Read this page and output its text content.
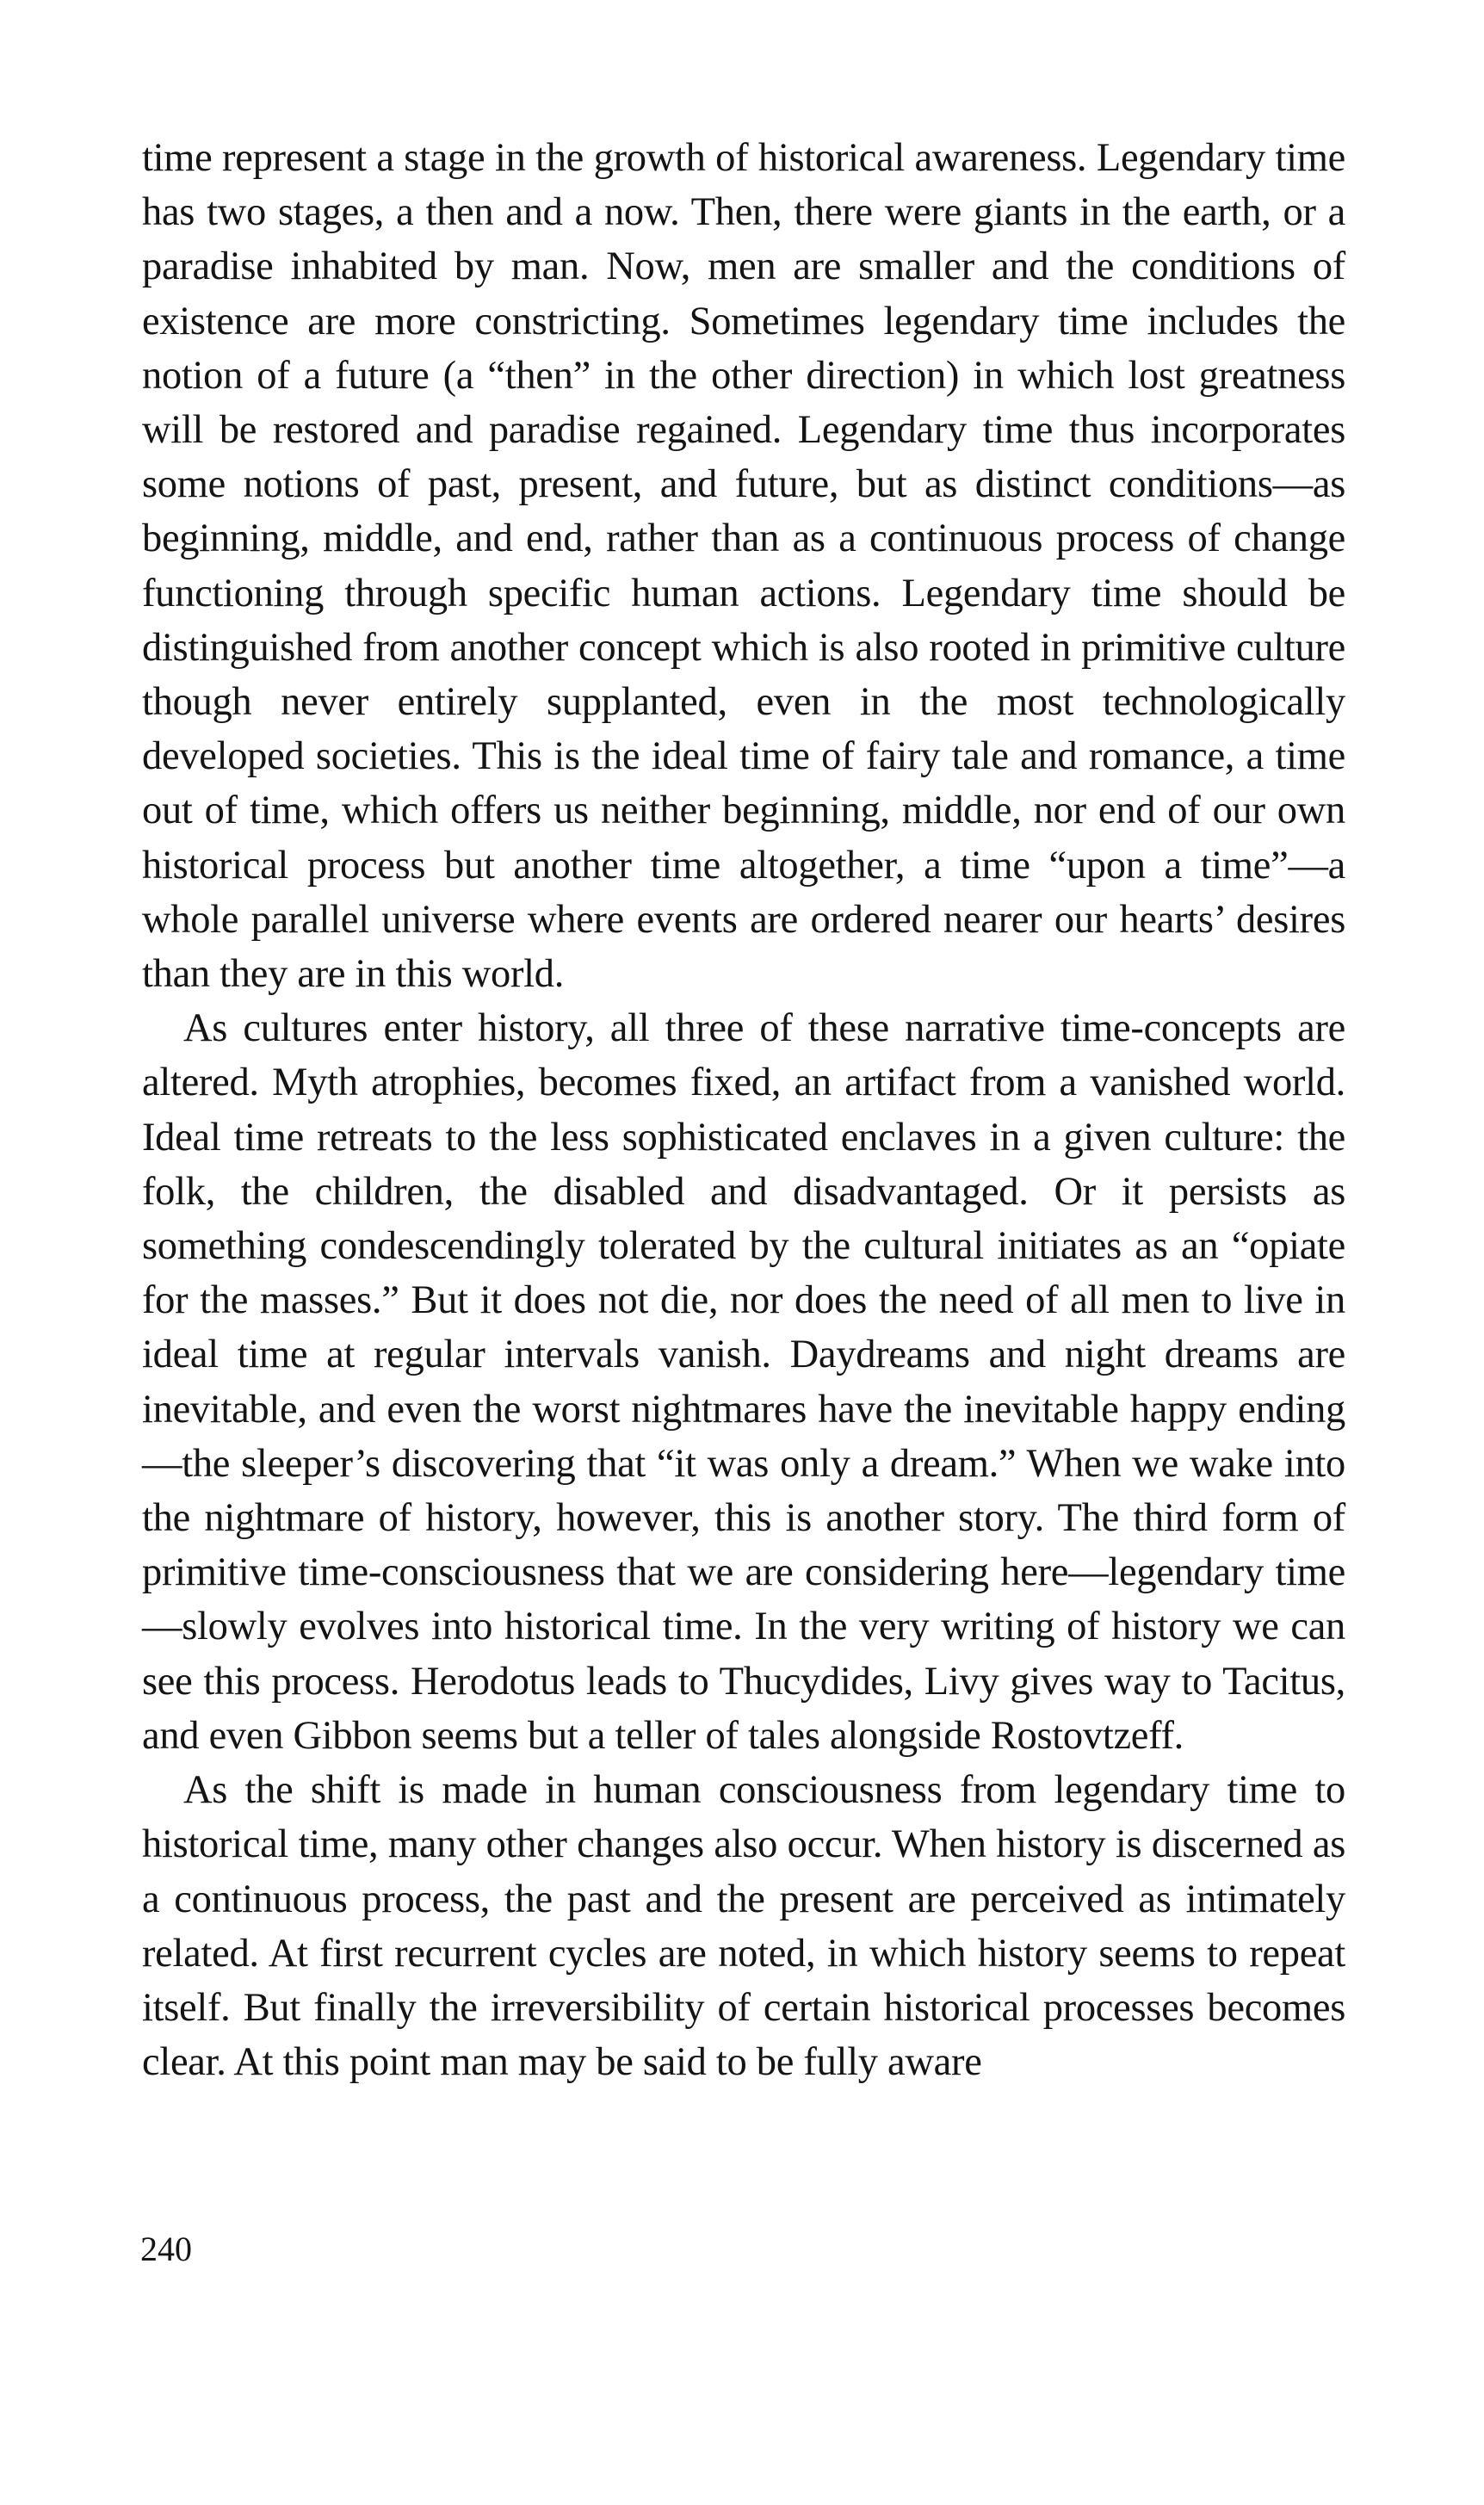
time represent a stage in the growth of historical awareness. Legendary time has two stages, a then and a now. Then, there were giants in the earth, or a paradise inhabited by man. Now, men are smaller and the conditions of existence are more constricting. Sometimes legendary time includes the notion of a future (a “then” in the other direction) in which lost greatness will be restored and paradise regained. Legendary time thus incorporates some notions of past, present, and future, but as distinct conditions—as beginning, middle, and end, rather than as a continuous process of change functioning through specific human actions. Legendary time should be distinguished from another concept which is also rooted in primitive culture though never entirely supplanted, even in the most technologically developed societies. This is the ideal time of fairy tale and romance, a time out of time, which offers us neither beginning, middle, nor end of our own historical process but another time altogether, a time “upon a time”—a whole parallel universe where events are ordered nearer our hearts’ desires than they are in this world.

As cultures enter history, all three of these narrative time-concepts are altered. Myth atrophies, becomes fixed, an artifact from a vanished world. Ideal time retreats to the less sophisticated enclaves in a given culture: the folk, the children, the disabled and disadvantaged. Or it persists as something condescendingly tolerated by the cultural initiates as an “opiate for the masses.” But it does not die, nor does the need of all men to live in ideal time at regular intervals vanish. Daydreams and night dreams are inevitable, and even the worst nightmares have the inevitable happy ending—the sleeper’s discovering that “it was only a dream.” When we wake into the nightmare of history, however, this is another story. The third form of primitive time-consciousness that we are considering here—legendary time—slowly evolves into historical time. In the very writing of history we can see this process. Herodotus leads to Thucydides, Livy gives way to Tacitus, and even Gibbon seems but a teller of tales alongside Rostovtzeff.

As the shift is made in human consciousness from legendary time to historical time, many other changes also occur. When history is discerned as a continuous process, the past and the present are perceived as intimately related. At first recurrent cycles are noted, in which history seems to repeat itself. But finally the irreversibility of certain historical processes becomes clear. At this point man may be said to be fully aware

240
